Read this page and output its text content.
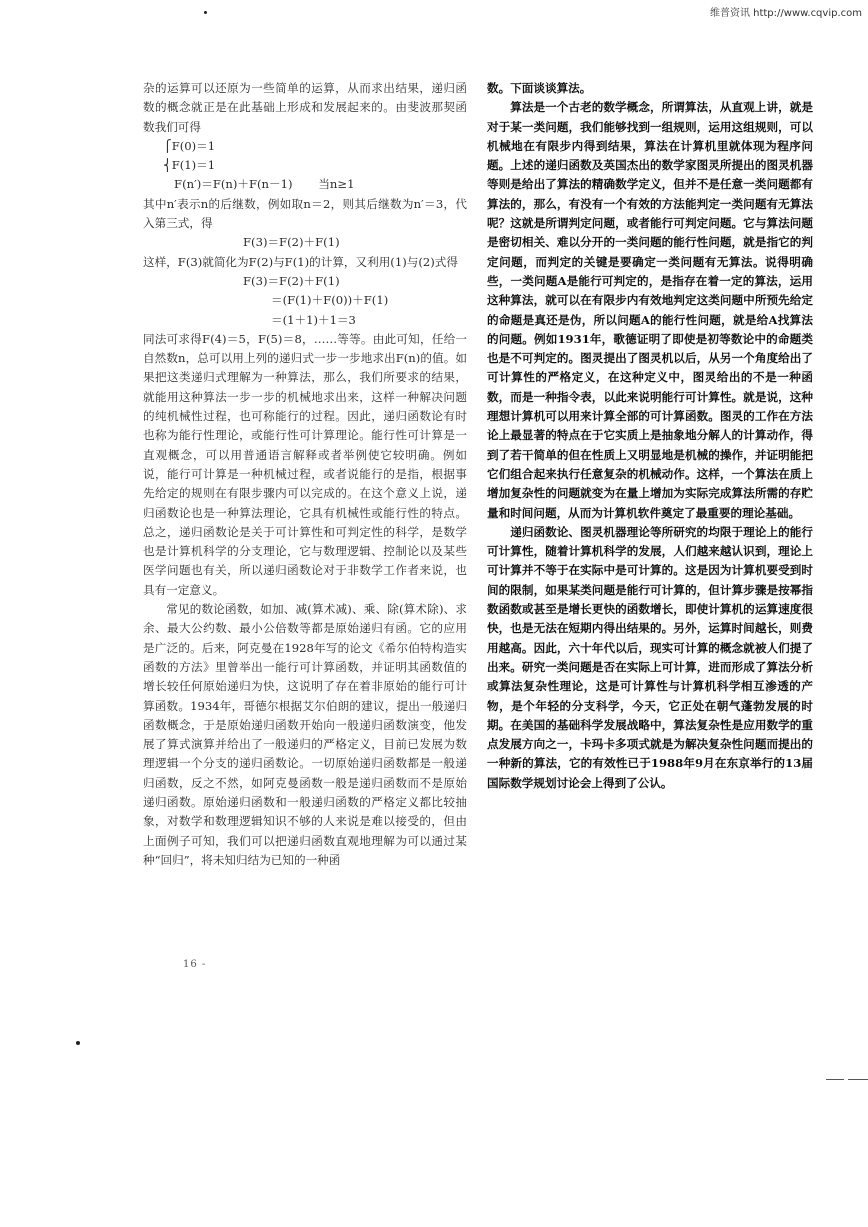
维普资讯 http://www.cqvip.com

杂的运算可以还原为一些简单的运算，从而求出结果，递归函数的概念就正是在此基础上形成和发展起来的。由斐波那契函数我们可得

⎧F(0)＝1
⎨F(1)＝1
F(n′)＝F(n)＋F(n－1)       当n≥1

其中n′表示n的后继数，例如取n＝2，则其后继数为n′＝3，代入第三式，得

F(3)＝F(2)＋F(1)

这样，F(3)就简化为F(2)与F(1)的计算，又利用(1)与(2)式得

F(3)＝F(2)＋F(1)
＝(F(1)＋F(0))＋F(1)
＝(1＋1)＋1＝3

同法可求得F(4)＝5，F(5)＝8，……等等。由此可知，任给一自然数n，总可以用上列的递归式一步一步地求出F(n)的值。如果把这类递归式理解为一种算法，那么，我们所要求的结果，就能用这种算法一步一步的机械地求出来，这样一种解决问题的纯机械性过程，也可称能行的过程。因此，递归函数论有时也称为能行性理论，或能行性可计算理论。能行性可计算是一直观概念，可以用普通语言解释或者举例使它较明确。例如说，能行可计算是一种机械过程，或者说能行的是指，根据事先给定的规则在有限步骤内可以完成的。在这个意义上说，递归函数论也是一种算法理论，它具有机械性或能行性的特点。总之，递归函数论是关于可计算性和可判定性的科学，是数学也是计算机科学的分支理论，它与数理逻辑、控制论以及某些医学问题也有关，所以递归函数论对于非数学工作者来说，也具有一定意义。

常见的数论函数，如加、减(算术减)、乘、除(算术除)、求余、最大公约数、最小公倍数等都是原始递归有函。它的应用是广泛的。后来，阿克曼在1928年写的论文《希尔伯特构造实函数的方法》里曾举出一能行可计算函数，并证明其函数值的增长较任何原始递归为快，这说明了存在着非原始的能行可计算函数。1934年，哥德尔根据艾尔伯朗的建议，提出一般递归函数概念，于是原始递归函数开始向一般递归函数演变，他发展了算式演算并给出了一般递归的严格定义，目前已发展为数理逻辑一个分支的递归函数论。一切原始递归函数都是一般递归函数，反之不然，如阿克曼函数一般是递归函数而不是原始递归函数。原始递归函数和一般递归函数的严格定义都比较抽象，对数学和数理逻辑知识不够的人来说是难以接受的，但由上面例子可知，我们可以把递归函数直观地理解为可以通过某种“回归”，将未知归结为已知的一种函

数。下面谈谈算法。

算法是一个古老的数学概念，所谓算法，从直观上讲，就是对于某一类问题，我们能够找到一组规则，运用这组规则，可以机械地在有限步内得到结果，算法在计算机里就体现为程序问题。上述的递归函数及英国杰出的数学家图灵所提出的图灵机器等则是给出了算法的精确数学定义，但并不是任意一类问题都有算法的，那么，有没有一个有效的方法能判定一类问题有无算法呢？这就是所谓判定问题，或者能行可判定问题。它与算法问题是密切相关、难以分开的一类问题的能行性问题，就是指它的判定问题，而判定的关键是要确定一类问题有无算法。说得明确些，一类问题A是能行可判定的，是指存在着一定的算法，运用这种算法，就可以在有限步内有效地判定这类问题中所预先给定的命题是真还是伪，所以问题A的能行性问题，就是给A找算法的问题。例如1931年，歌德证明了即使是初等数论中的命题类也是不可判定的。图灵提出了图灵机以后，从另一个角度给出了可计算性的严格定义，在这种定义中，图灵给出的不是一种函数，而是一种指令表，以此来说明能行可计算性。就是说，这种理想计算机可以用来计算全部的可计算函数。图灵的工作在方法论上最显著的特点在于它实质上是抽象地分解人的计算动作，得到了若干简单的但在性质上又明显地是机械的操作，并证明能把它们组合起来执行任意复杂的机械动作。这样，一个算法在质上增加复杂性的问题就变为在量上增加为实际完成算法所需的存贮量和时间问题，从而为计算机软件奠定了最重要的理论基础。

递归函数论、图灵机器理论等所研究的均限于理论上的能行可计算性，随着计算机科学的发展，人们越来越认识到，理论上可计算并不等于在实际中是可计算的。这是因为计算机要受到时间的限制，如果某类问题是能行可计算的，但计算步骤是按幂指数函数或甚至是增长更快的函数增长，即使计算机的运算速度很快，也是无法在短期内得出结果的。另外，运算时间越长，则费用越高。因此，六十年代以后，现实可计算的概念就被人们提了出来。研究一类问题是否在实际上可计算，进而形成了算法分析或算法复杂性理论，这是可计算性与计算机科学相互渗透的产物，是个年轻的分支科学，今天，它正处在朝气蓬勃发展的时期。在美国的基础科学发展战略中，算法复杂性是应用数学的重点发展方向之一，卡玛卡多项式就是为解决复杂性问题而提出的一种新的算法，它的有效性已于1988年9月在东京举行的13届国际数学规划讨论会上得到了公认。

16 -
